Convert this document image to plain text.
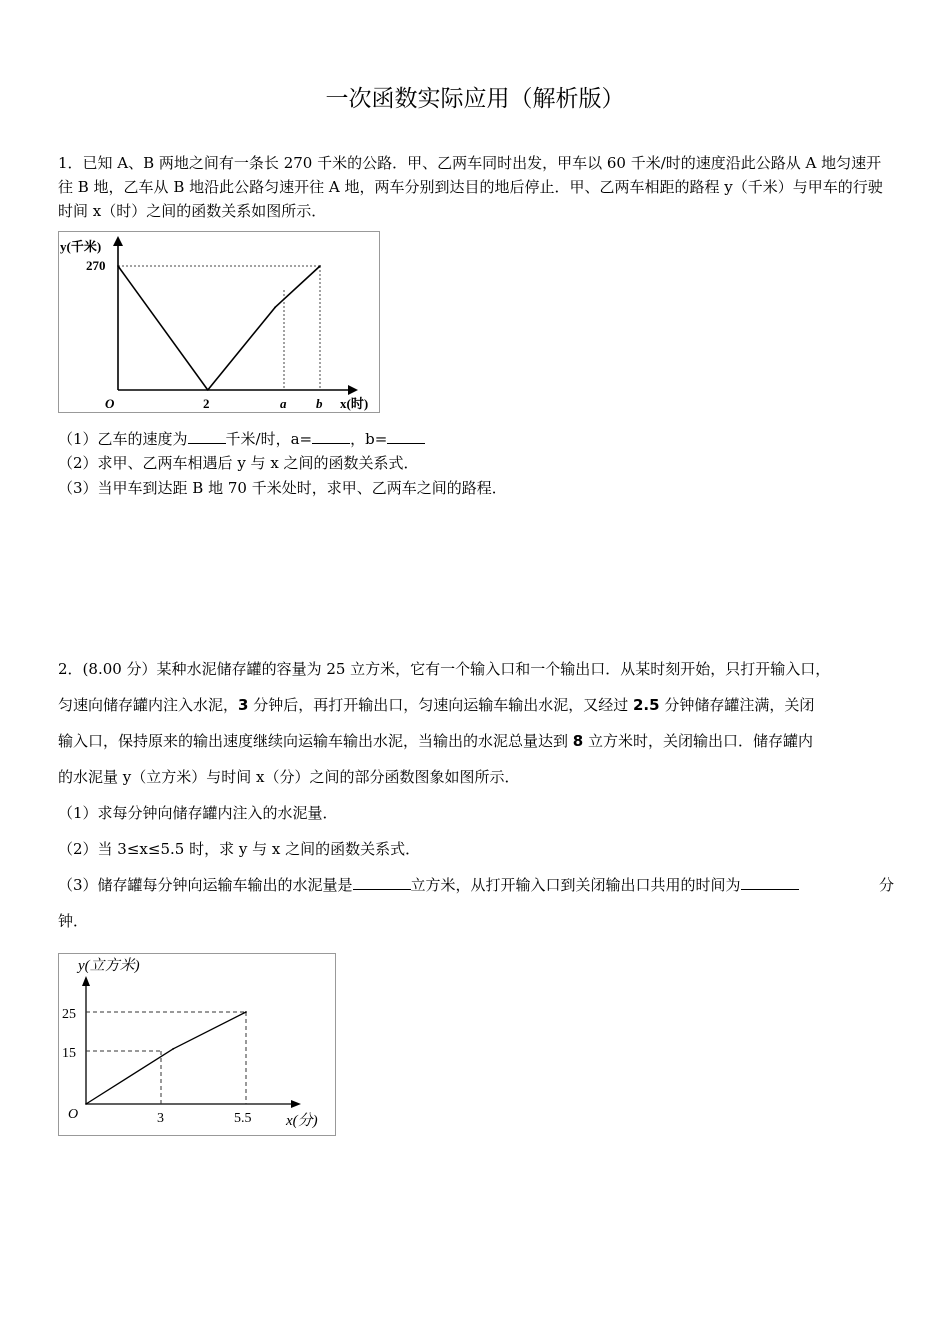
一次函数实际应用（解析版）
1．已知 A、B 两地之间有一条长 270 千米的公路．甲、乙两车同时出发，甲车以 60 千米/时的速度沿此公路从 A 地匀速开往 B 地，乙车从 B 地沿此公路匀速开往 A 地，两车分别到达目的地后停止．甲、乙两车相距的路程 y（千米）与甲车的行驶时间 x（时）之间的函数关系如图所示．
y(千米)
270
O	2	a b x(时)
（1）乙车的速度为	千米/时，a=	，b=
（2）求甲、乙两车相遇后 y 与 x 之间的函数关系式．
（3）当甲车到达距 B 地 70 千米处时，求甲、乙两车之间的路程．
2．(8.00 分）某种水泥储存罐的容量为 25 立方米，它有一个输入口和一个输出口．从某时刻开始，只打开输入口，
匀速向储存罐内注入水泥，3 分钟后，再打开输出口，匀速向运输车输出水泥，又经过 2.5 分钟储存罐注满，关闭
输入口，保持原来的输出速度继续向运输车输出水泥，当输出的水泥总量达到 8 立方米时，关闭输出口．储存罐内
的水泥量 y（立方米）与时间 x（分）之间的部分函数图象如图所示．
（1）求每分钟向储存罐内注入的水泥量．
（2）当 3≤x≤5.5 时，求 y 与 x 之间的函数关系式．
（3）储存罐每分钟向运输车输出的水泥量是	立方米，从打开输入口到关闭输出口共用的时间为	分
钟．
y(立方米)
25
15
O	3	5.5 x(分)
